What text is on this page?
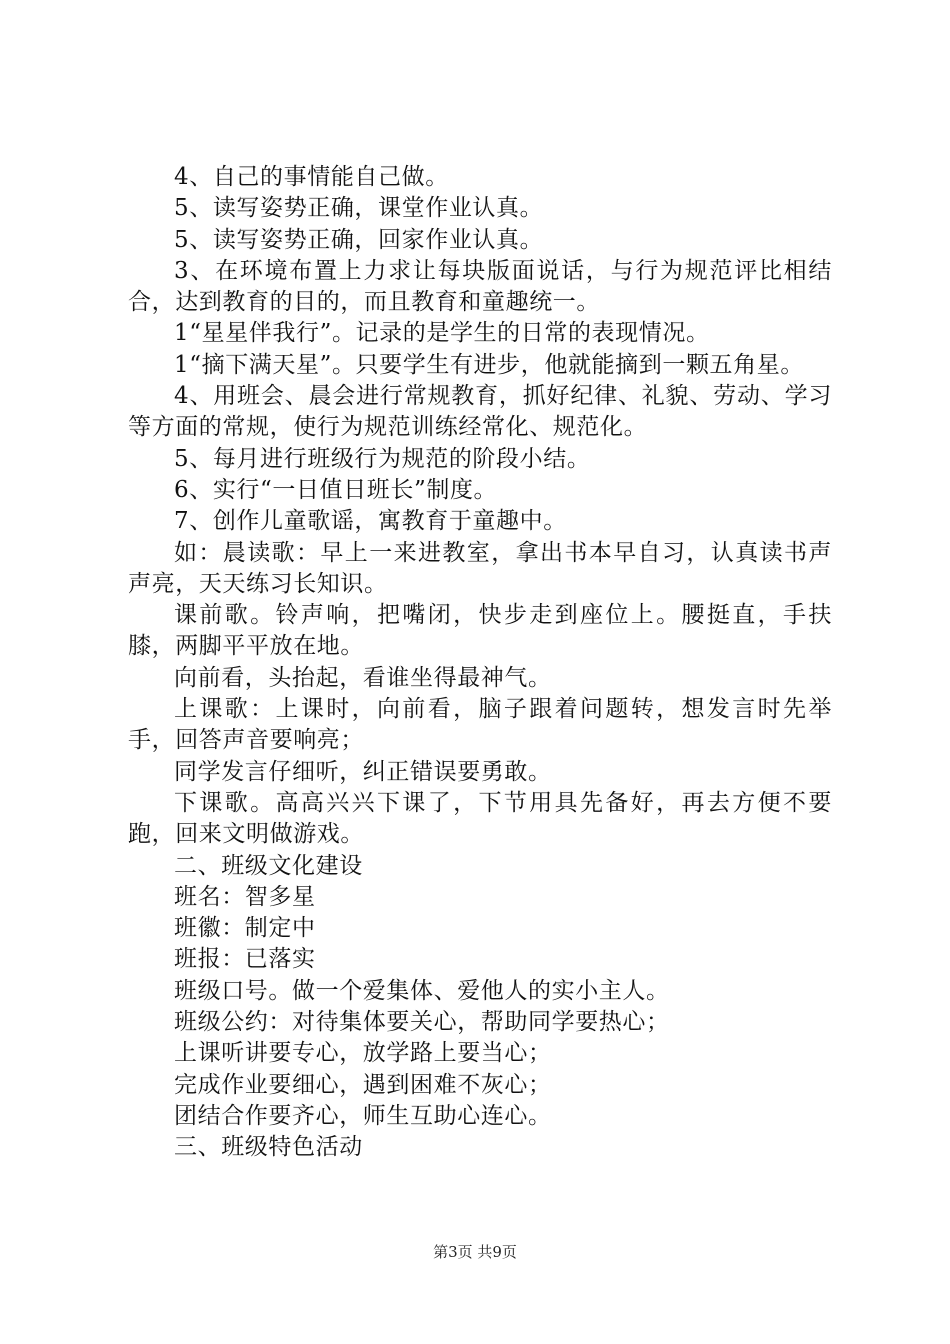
4、自己的事情能自己做。

5、读写姿势正确，课堂作业认真。

5、读写姿势正确，回家作业认真。

3、在环境布置上力求让每块版面说话，与行为规范评比相结合，达到教育的目的，而且教育和童趣统一。

1“星星伴我行”。记录的是学生的日常的表现情况。

1“摘下满天星”。只要学生有进步，他就能摘到一颗五角星。

4、用班会、晨会进行常规教育，抓好纪律、礼貌、劳动、学习等方面的常规，使行为规范训练经常化、规范化。

5、每月进行班级行为规范的阶段小结。

6、实行“一日值日班长”制度。

7、创作儿童歌谣，寓教育于童趣中。

如：晨读歌：早上一来进教室，拿出书本早自习，认真读书声声亮，天天练习长知识。

课前歌。铃声响，把嘴闭，快步走到座位上。腰挺直，手扶膝，两脚平平放在地。

向前看，头抬起，看谁坐得最神气。

上课歌：上课时，向前看，脑子跟着问题转，想发言时先举手，回答声音要响亮；

同学发言仔细听，纠正错误要勇敢。

下课歌。高高兴兴下课了，下节用具先备好，再去方便不要跑，回来文明做游戏。

二、班级文化建设

班名：智多星

班徽：制定中

班报：已落实

班级口号。做一个爱集体、爱他人的实小主人。

班级公约：对待集体要关心，帮助同学要热心；

上课听讲要专心，放学路上要当心；

完成作业要细心，遇到困难不灰心；

团结合作要齐心，师生互助心连心。

三、班级特色活动

第3页 共9页
